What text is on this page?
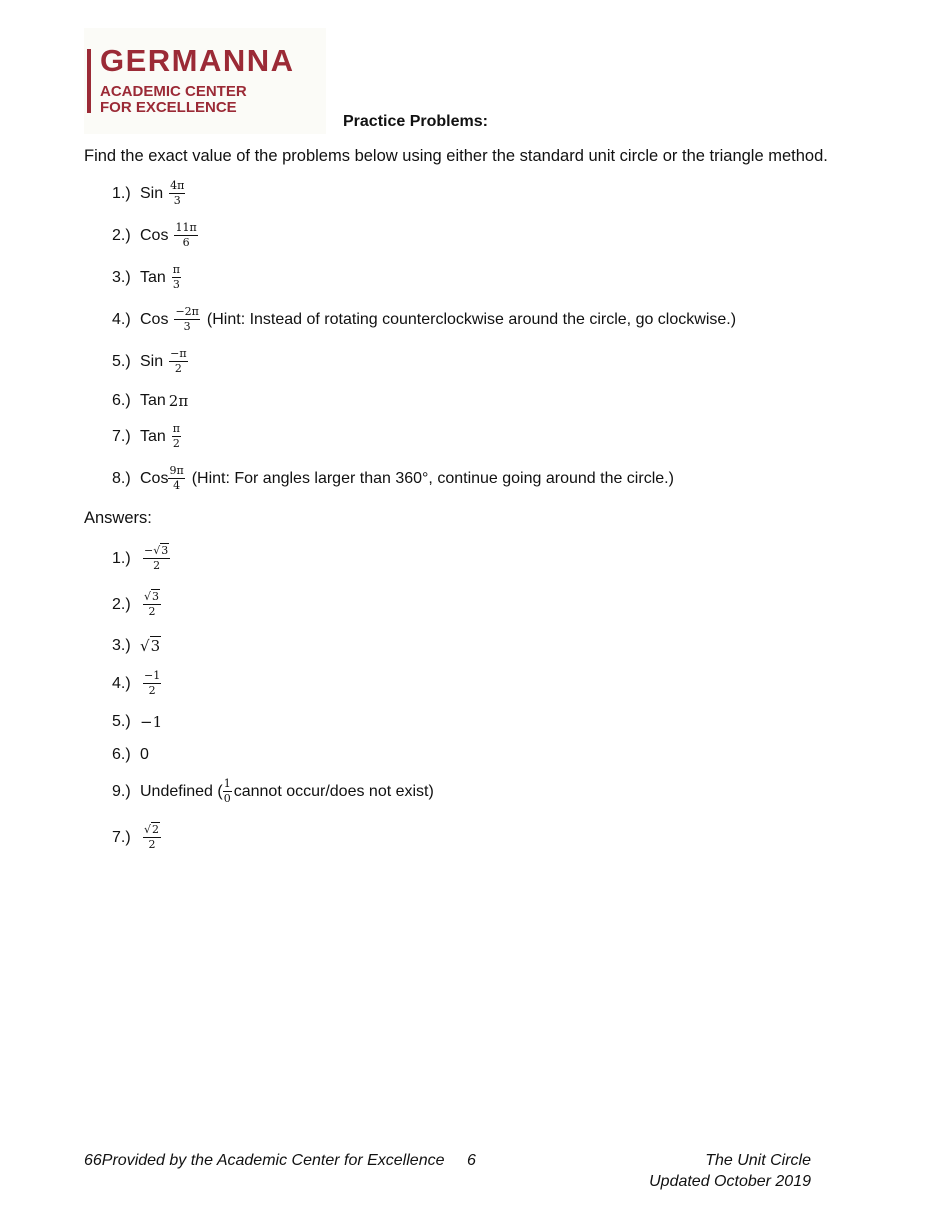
GERMANNA
ACADEMIC CENTER
FOR EXCELLENCE
Practice Problems:
Find the exact value of the problems below using either the standard unit circle or the triangle method.
1.) Sin $\frac{4\pi}{3}$
2.) Cos $\frac{11\pi}{6}$
3.) Tan $\frac{\pi}{3}$
4.) Cos $\frac{-2\pi}{3}$ (Hint: Instead of rotating counterclockwise around the circle, go clockwise.)
5.) Sin $\frac{-\pi}{2}$
6.) Tan 2π
7.) Tan $\frac{\pi}{2}$
8.) Cos $\frac{9\pi}{4}$ (Hint: For angles larger than 360°, continue going around the circle.)
Answers:
1.)	$\frac{-√3}{2}$
2.)	$\frac{√3}{2}$
3.) √3
4.)	$\frac{-1}{2}$
5.) −1
6.) 0
9.) Undefined ( $\frac{1}{0}$ cannot occur/does not exist)
7.)	$\frac{√2}{2}$
66Provided by the Academic Center for Excellence 6	The Unit Circle
Updated October 2019
